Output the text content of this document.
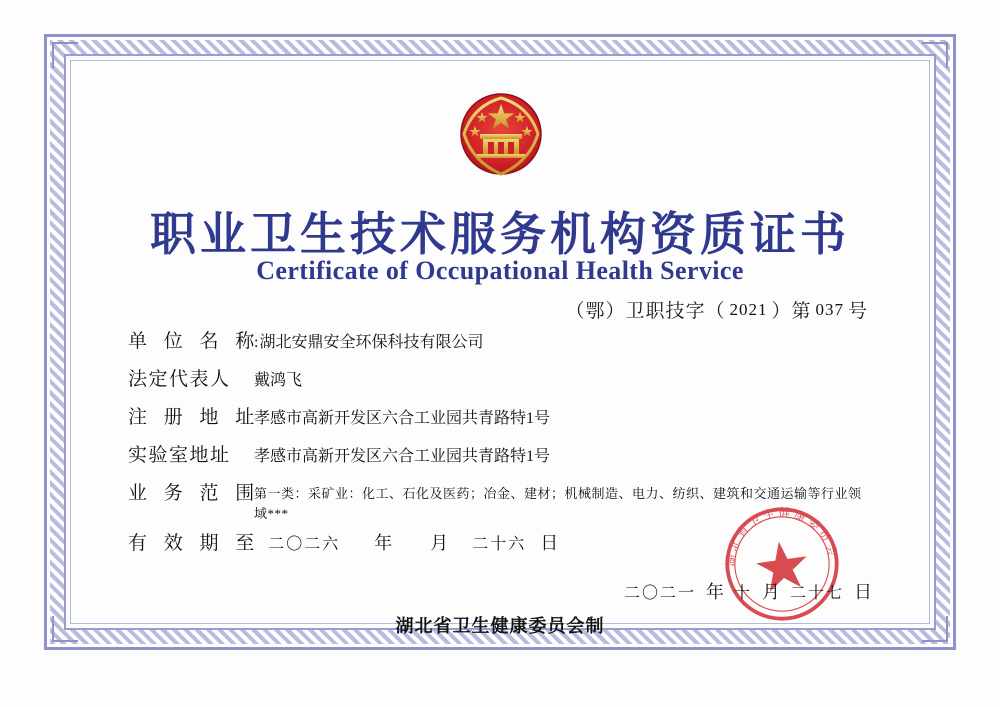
职业卫生技术服务机构资质证书
Certificate of Occupational Health Service
（鄂）卫职技字（ 2021 ）第 037 号
单 位 名 称 : 湖北安鼎安全环保科技有限公司
法定代表人	戴鸿飞
注 册 地 址
孝感市高新开发区六合工业园共青路特1号
实验室地址	孝感市高新开发区六合工业园共青路特1号
业 务 范 围
第一类：采矿业：化工、石化及医药；冶金、建材；机械制造、电力、纺织、建筑和交通运输等行业领域***
有 效 期 至 二〇二六 年 月 二十六 日
湖北省卫生健康委员会
二〇二一 年 十 月 二十七 日
湖北省卫生健康委员会制
